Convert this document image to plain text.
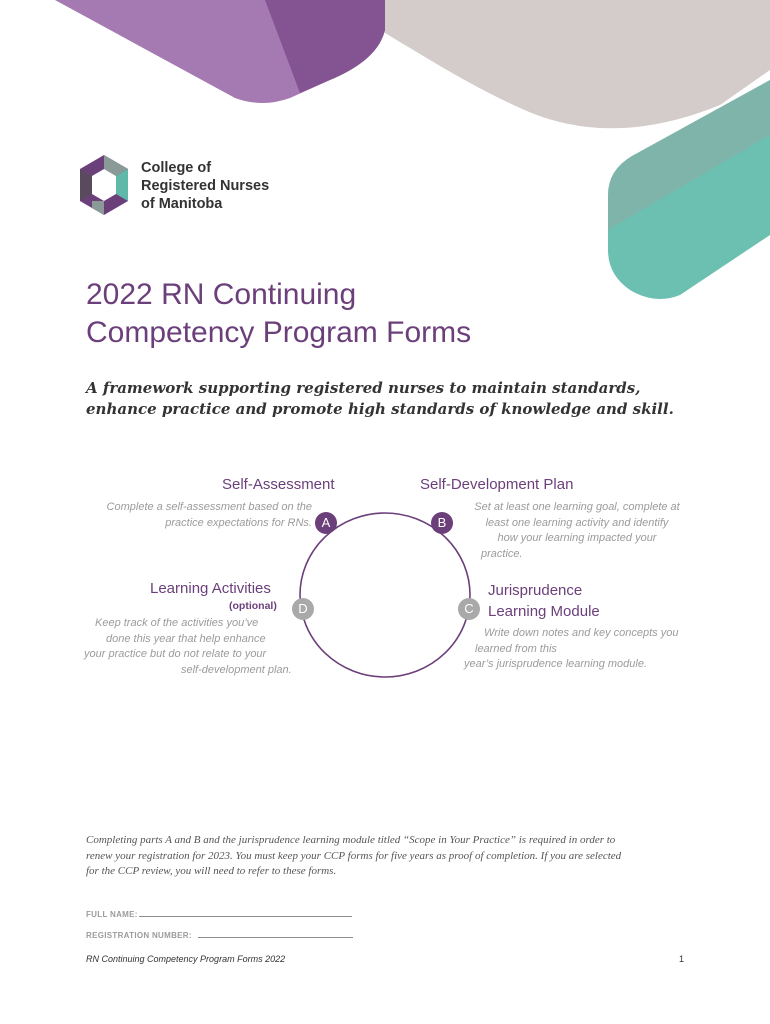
College of
Registered Nurses
of Manitoba
2022 RN Continuing
Competency Program Forms
A framework supporting registered nurses to maintain standards,
enhance practice and promote high standards of knowledge and skill.
A	B
C
D
Self-Assessment
Complete a self-assessment based on the
practice expectations for RNs.
Self-Development Plan
Set at least one learning goal, complete at
least one learning activity and identify
how your learning impacted your
practice.
Jurisprudence
Learning Module
Write down notes and key concepts you
learned from this
year’s jurisprudence learning module.
Learning Activities
(optional)
Keep track of the activities you’ve
done this year that help enhance
your practice but do not relate to your
self-development plan.
Completing parts A and B and the jurisprudence learning module titled “Scope in Your Practice” is required in order to
renew your registration for 2023. You must keep your CCP forms for five years as proof of completion. If you are selected
for the CCP review, you will need to refer to these forms.
FULL NAME:
REGISTRATION NUMBER:
RN Continuing Competency Program Forms 2022	1
